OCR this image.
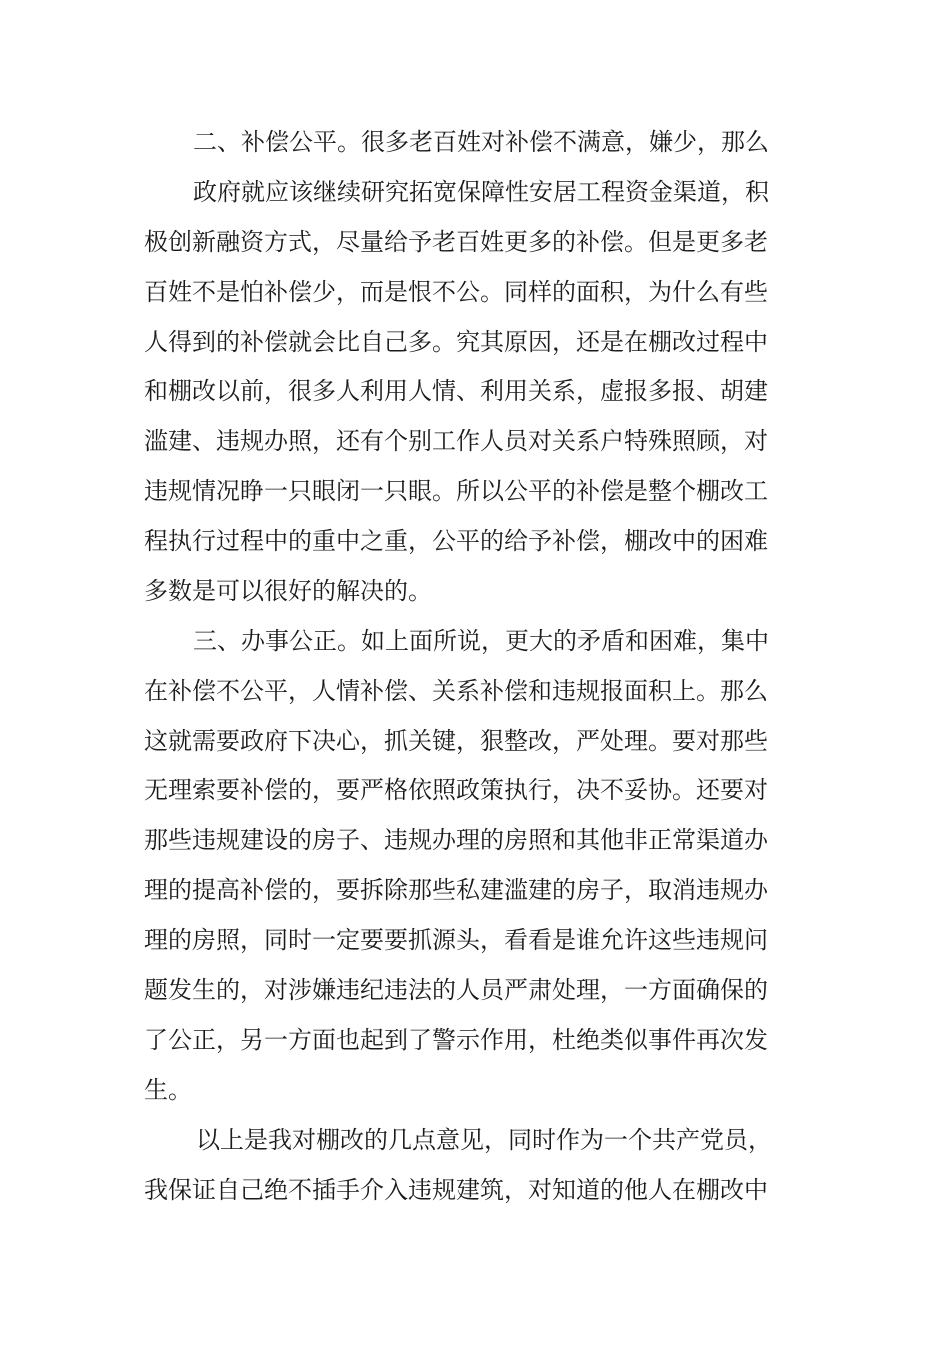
二、补偿公平。很多老百姓对补偿不满意，嫌少，那么

政府就应该继续研究拓宽保障性安居工程资金渠道，积

极创新融资方式，尽量给予老百姓更多的补偿。但是更多老

百姓不是怕补偿少，而是恨不公。同样的面积，为什么有些

人得到的补偿就会比自己多。究其原因，还是在棚改过程中

和棚改以前，很多人利用人情、利用关系，虚报多报、胡建

滥建、违规办照，还有个别工作人员对关系户特殊照顾，对

违规情况睁一只眼闭一只眼。所以公平的补偿是整个棚改工

程执行过程中的重中之重，公平的给予补偿，棚改中的困难

多数是可以很好的解决的。

三、办事公正。如上面所说，更大的矛盾和困难，集中

在补偿不公平，人情补偿、关系补偿和违规报面积上。那么

这就需要政府下决心，抓关键，狠整改，严处理。要对那些

无理索要补偿的，要严格依照政策执行，决不妥协。还要对

那些违规建设的房子、违规办理的房照和其他非正常渠道办

理的提高补偿的，要拆除那些私建滥建的房子，取消违规办

理的房照，同时一定要要抓源头，看看是谁允许这些违规问

题发生的，对涉嫌违纪违法的人员严肃处理，一方面确保的

了公正，另一方面也起到了警示作用，杜绝类似事件再次发

生。

以上是我对棚改的几点意见，同时作为一个共产党员，

我保证自己绝不插手介入违规建筑，对知道的他人在棚改中
